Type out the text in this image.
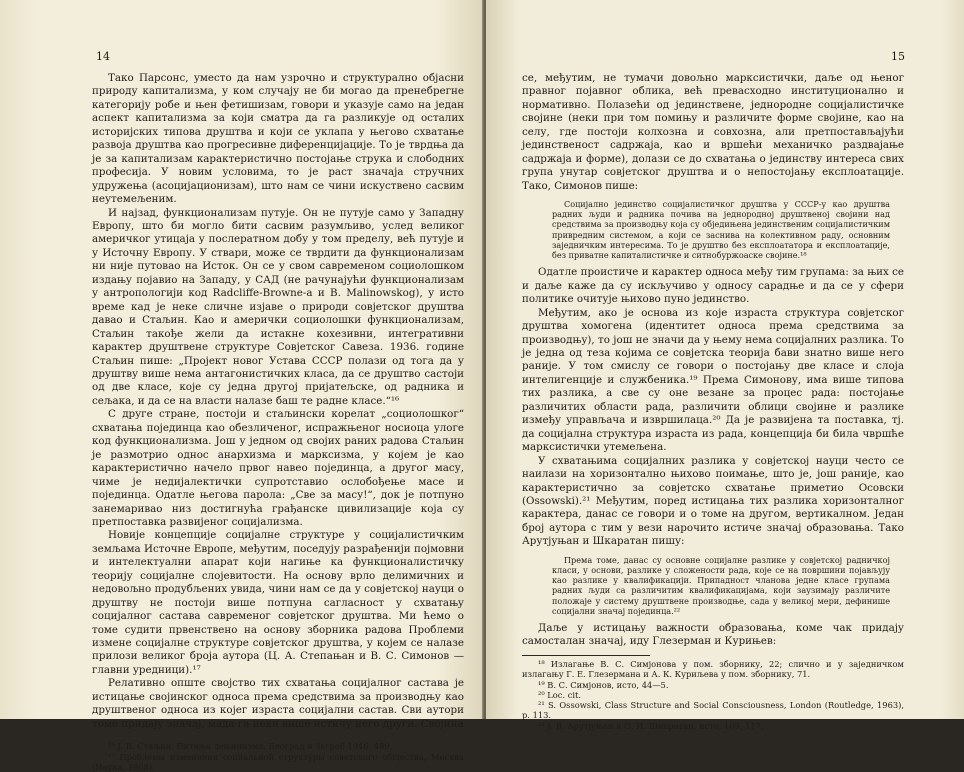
14

Тако Парсонс, уместо да нам узрочно и структурално објасни природу капитализма, у ком случају не би могао да пренебрегне категорију робе и њен фетишизам, говори и указује само на један аспект капитализма за који сматра да га разликује од осталих историјских типова друштва и који се уклапа у његово схватање развоја друштва као прогресивне диференцијације. То је тврдња да је за капитализам карактеристично постојање струка и слободних професија. У новим условима, то је раст значаја стручних удружења (асоцијационизам), што нам се чини искуствено сасвим неутемељеним.

И најзад, функционализам путује. Он не путује само у Западну Европу, што би могло бити сасвим разумљиво, услед великог америчког утицаја у послератном добу у том пределу, већ путује и у Источну Европу. У ствари, може се тврдити да функционализам ни није путовао на Исток. Он се у свом савременом социолошком издању појавио на Западу, у САД (не рачунајући функционализам у антропологији код Radcliffe-Browne-а и B. Malinowskog), у исто време кад је неке сличне изјаве о природи совјетског друштва давао и Стаљин. Као и амерички социолошки функционализам, Стаљин такође жели да истакне кохезивни, интегративни карактер друштвене структуре Совјетског Савеза. 1936. године Стаљин пише: „Пројект новог Устава СССР полази од тога да у друштву више нема антагонистичких класа, да се друштво састоји од две класе, које су једна другој пријатељске, од радника и сељака, и да се на власти налазе баш те радне класе.“¹⁶

С друге стране, постоји и стаљински корелат „социолошког“ схватања појединца као обезличеног, испражњеног носиоца улоге код функционализма. Још у једном од својих раних радова Стаљин је размотрио однос анархизма и марксизма, у којем је као карактеристично начело првог навео појединца, а другог масу, чиме је недијалектички супротставио ослобођење масе и појединца. Одатле његова парола: „Све за масу!“, док је потпуно занемаривао низ достигнућа грађанске цивилизације која су претпоставка развијеног социјализма.

Новије концепције социјалне структуре у социјалистичким земљама Источне Европе, међутим, поседују разрађенији појмовни и интелектуални апарат који нагиње ка функционалистичку теорију социјалне слојевитости. На основу врло делимичних и недовољно продубљених увида, чини нам се да у совјетској науци о друштву не постоји више потпуна сагласност у схватању социјалног састава савременог совјетског друштва. Ми ћемо о томе судити првенствено на основу зборника радова Проблеми измене социјалне структуре совјетског друштва, у којем се налазе прилози великог броја аутора (Ц. А. Степањан и В. С. Симонов — главни уредници).¹⁷

Релативно опште својство тих схватања социјалног састава је истицање својинског односа према средствима за производњу као друштвеног односа из којег израста социјални састав. Сви аутори томе придају значај, мада га неки више истичу него други. Својина

¹⁶ Ј. В. Стаљин, Питања лењинизма, Београд и Загреб 1946, 489.

¹⁷ Проблемы изменения социальной структуры советского общества, Москва (Наука, 1968).

15

се, међутим, не тумачи довољно марксистички, даље од њеног правног појавног облика, већ превасходно институционално и нормативно. Полазећи од јединствене, једнородне социјалистичке својине (неки при том помињу и различите форме својине, као на селу, где постоји колхозна и совхозна, али претпостављајући јединственост садржаја, као и вршећи механичко раздвајање садржаја и форме), долази се до схватања о јединству интереса свих група унутар совјетског друштва и о непостојању експлоатације. Тако, Симонов пише:

Социјално јединство социјалистичког друштва у СССР-у као друштва радних људи и радника почива на једнородној друштвеној својини над средствима за производњу која су обједињена јединственим социјалистичким привредним системом, а који се заснива на колективном раду, основним заједничким интересима. То је друштво без експлоататора и експлоатације, без приватне капиталистичке и ситнобуржоаске својине.¹⁸

Одатле проистиче и карактер односа међу тим групама: за њих се и даље каже да су искључиво у односу сарадње и да се у сфери политике очитује њихово пуно јединство.

Међутим, ако је основа из које израста структура совјетског друштва хомогена (идентитет односа према средствима за производњу), то још не значи да у њему нема социјалних разлика. То је једна од теза којима се совјетска теорија бави знатно више него раније. У том смислу се говори о постојању две класе и слоја интелигенције и службеника.¹⁹ Према Симонову, има више типова тих разлика, а све су оне везане за процес рада: постојање различитих области рада, различити облици својине и разлике између управљача и извршилаца.²⁰ Да је развијена та поставка, тј. да социјална структура израста из рада, концепција би била чвршће марксистички утемељена.

У схватањима социјалних разлика у совјетској науци често се наилази на хоризонтално њихово поимање, што је, још раније, као карактеристично за совјетско схватање приметио Осовски (Ossowski).²¹ Међутим, поред истицања тих разлика хоризонталног карактера, данас се говори и о томе на другом, вертикалном. Један број аутора с тим у вези нарочито истиче значај образовања. Тако Арутјуњан и Шкаратан пишу:

Према томе, данас су основне социјалне разлике у совјетској радничкој класи, у основи, разлике у сложености рада, које се на површини појављују као разлике у квалификацији. Припадност чланова једне класе групама радних људи са различитим квалификацијама, који заузимају различите положаје у систему друштвене производње, сада у великој мери, дефинише социјални значај појединца.²²

Даље у истицању важности образовања, коме чак придају самосталан значај, иду Глезерман и Курињев:

¹⁸ Излагање В. С. Симјонова у пом. зборнику, 22; слично и у заједничком излагању Г. Е. Глезермана и А. К. Куриљева у пом. зборнику, 71.

¹⁹ В. С. Симјонов, исто, 44—5.

²⁰ Loc. cit.

²¹ S. Ossowski, Class Structure and Social Consciousness, London (Routledge, 1963), p. 113.

²² Ј. В. Арутјуњан и О. И. Шкаратан, исто, 105, 117.
